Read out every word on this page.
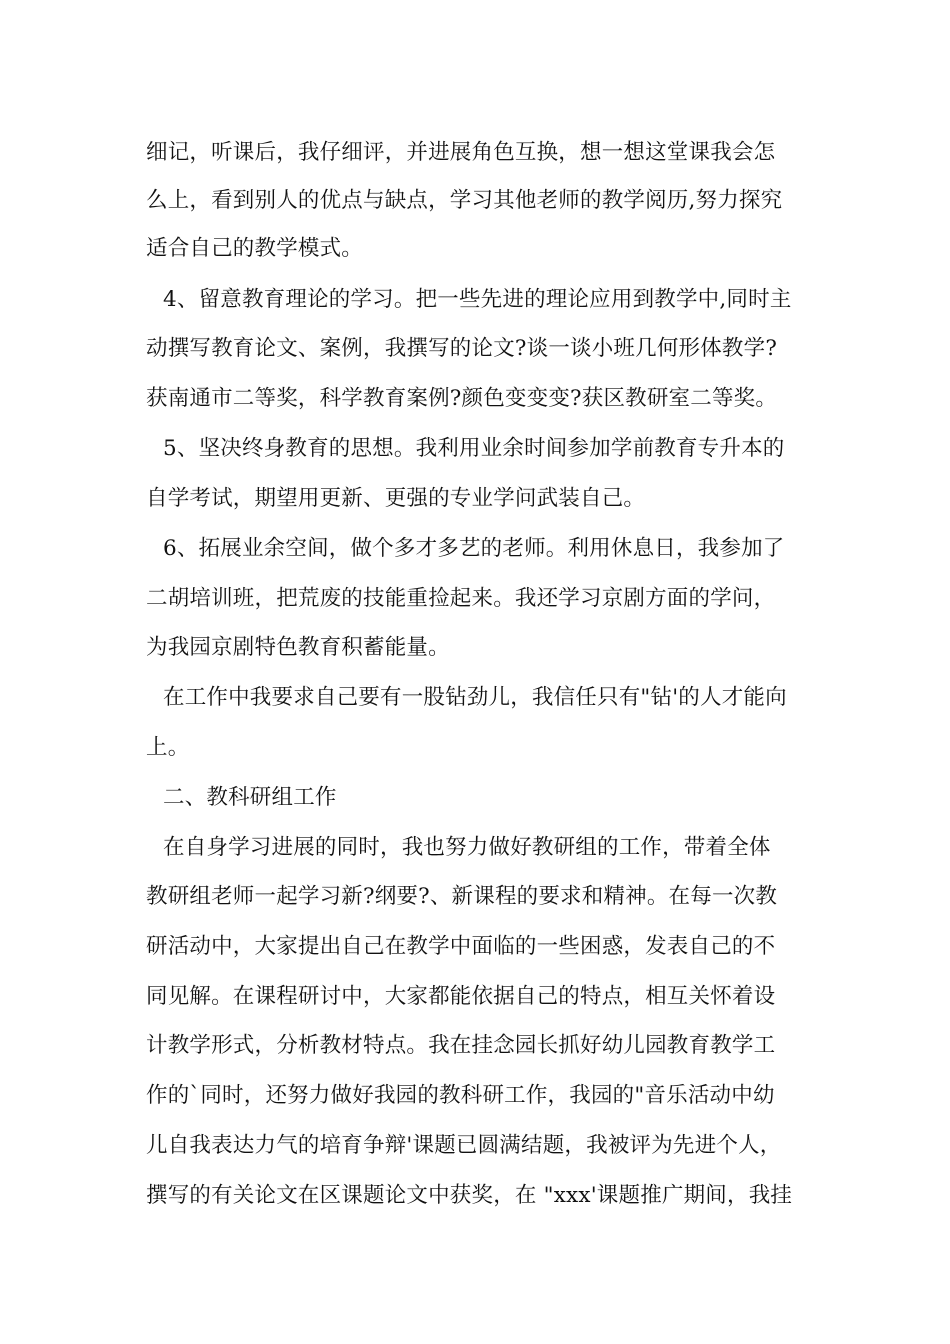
细记，听课后，我仔细评，并进展角色互换，想一想这堂课我会怎
么上，看到别人的优点与缺点，学习其他老师的教学阅历,努力探究
适合自己的教学模式。
4、留意教育理论的学习。把一些先进的理论应用到教学中,同时主
动撰写教育论文、案例，我撰写的论文?谈一谈小班几何形体教学?
获南通市二等奖，科学教育案例?颜色变变变?获区教研室二等奖。
5、坚决终身教育的思想。我利用业余时间参加学前教育专升本的
自学考试，期望用更新、更强的专业学问武装自己。
6、拓展业余空间，做个多才多艺的老师。利用休息日，我参加了
二胡培训班，把荒废的技能重捡起来。我还学习京剧方面的学问，
为我园京剧特色教育积蓄能量。
在工作中我要求自己要有一股钻劲儿，我信任只有"钻'的人才能向
上。
二、教科研组工作
在自身学习进展的同时，我也努力做好教研组的工作，带着全体
教研组老师一起学习新?纲要?、新课程的要求和精神。在每一次教
研活动中，大家提出自己在教学中面临的一些困惑，发表自己的不
同见解。在课程研讨中，大家都能依据自己的特点，相互关怀着设
计教学形式，分析教材特点。我在挂念园长抓好幼儿园教育教学工
作的`同时，还努力做好我园的教科研工作，我园的"音乐活动中幼
儿自我表达力气的培育争辩'课题已圆满结题，我被评为先进个人，
撰写的有关论文在区课题论文中获奖，在 "xxx'课题推广期间，我挂
